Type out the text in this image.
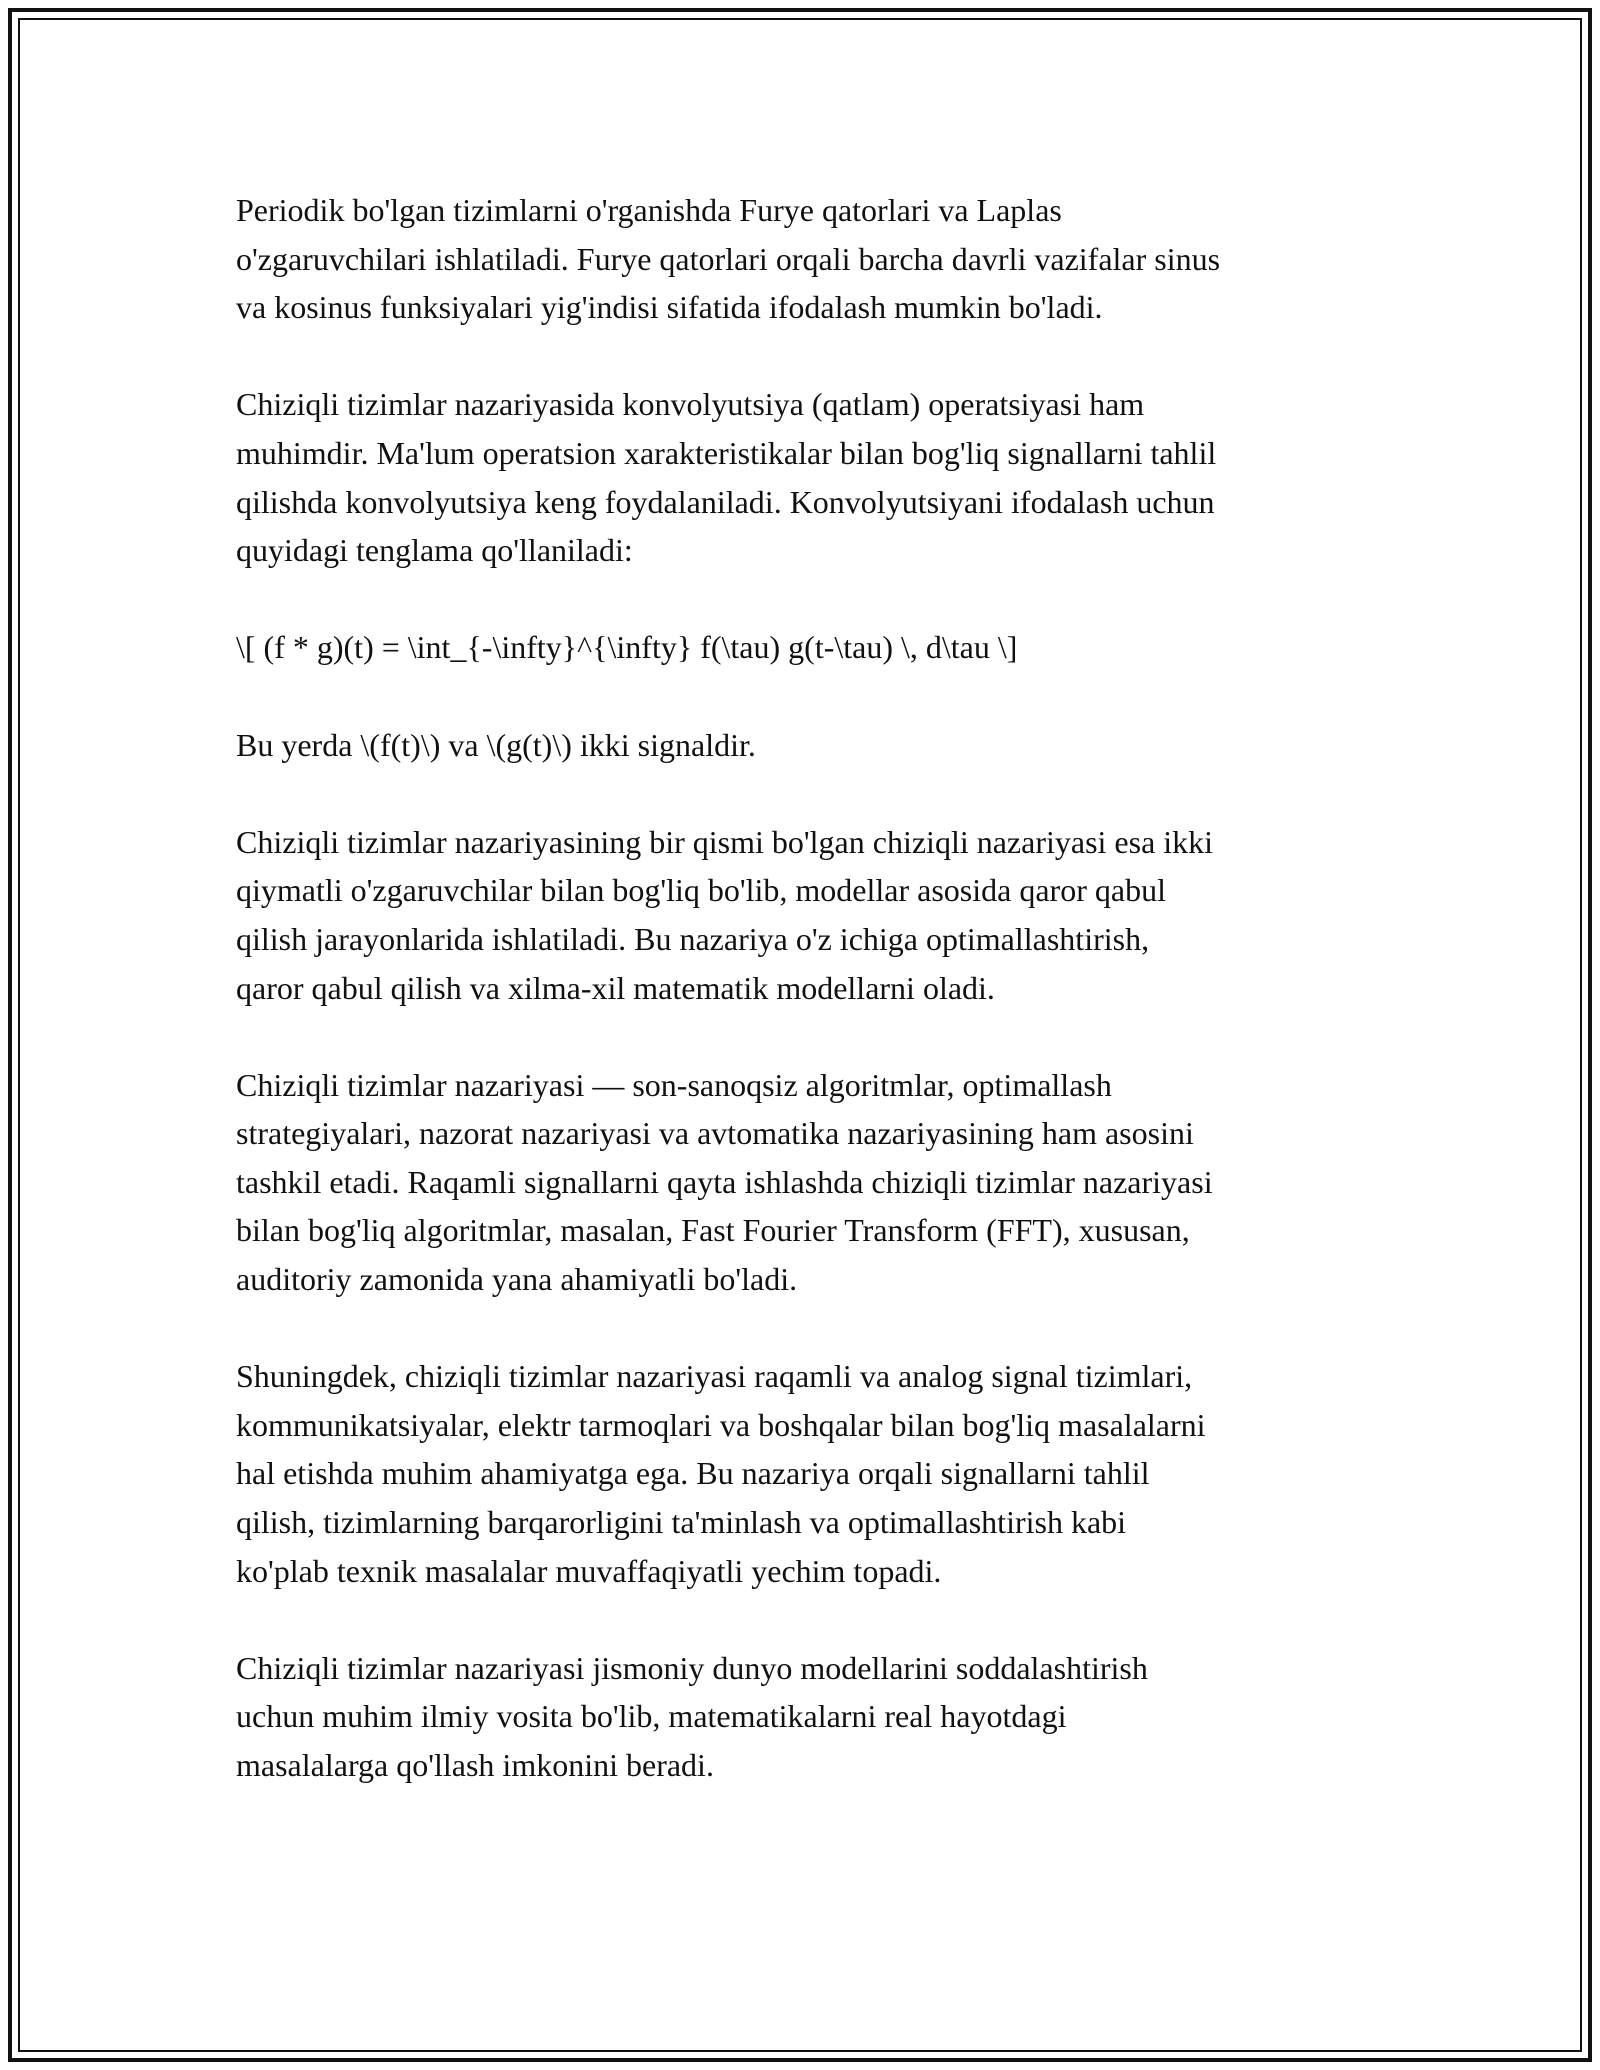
Periodik bo'lgan tizimlarni o'rganishda Furye qatorlari va Laplas
o'zgaruvchilari ishlatiladi. Furye qatorlari orqali barcha davrli vazifalar sinus
va kosinus funksiyalari yig'indisi sifatida ifodalash mumkin bo'ladi.

Chiziqli tizimlar nazariyasida konvolyutsiya (qatlam) operatsiyasi ham
muhimdir. Ma'lum operatsion xarakteristikalar bilan bog'liq signallarni tahlil
qilishda konvolyutsiya keng foydalaniladi. Konvolyutsiyani ifodalash uchun
quyidagi tenglama qo'llaniladi:

\[ (f * g)(t) = \int_{-\infty}^{\infty} f(\tau) g(t-\tau) \, d\tau \]

Bu yerda \(f(t)\) va \(g(t)\) ikki signaldir.

Chiziqli tizimlar nazariyasining bir qismi bo'lgan chiziqli nazariyasi esa ikki
qiymatli o'zgaruvchilar bilan bog'liq bo'lib, modellar asosida qaror qabul
qilish jarayonlarida ishlatiladi. Bu nazariya o'z ichiga optimallashtirish,
qaror qabul qilish va xilma-xil matematik modellarni oladi.

Chiziqli tizimlar nazariyasi — son-sanoqsiz algoritmlar, optimallash
strategiyalari, nazorat nazariyasi va avtomatika nazariyasining ham asosini
tashkil etadi. Raqamli signallarni qayta ishlashda chiziqli tizimlar nazariyasi
bilan bog'liq algoritmlar, masalan, Fast Fourier Transform (FFT), xususan,
auditoriy zamonida yana ahamiyatli bo'ladi.

Shuningdek, chiziqli tizimlar nazariyasi raqamli va analog signal tizimlari,
kommunikatsiyalar, elektr tarmoqlari va boshqalar bilan bog'liq masalalarni
hal etishda muhim ahamiyatga ega. Bu nazariya orqali signallarni tahlil
qilish, tizimlarning barqarorligini ta'minlash va optimallashtirish kabi
ko'plab texnik masalalar muvaffaqiyatli yechim topadi.

Chiziqli tizimlar nazariyasi jismoniy dunyo modellarini soddalashtirish
uchun muhim ilmiy vosita bo'lib, matematikalarni real hayotdagi
masalalarga qo'llash imkonini beradi.
